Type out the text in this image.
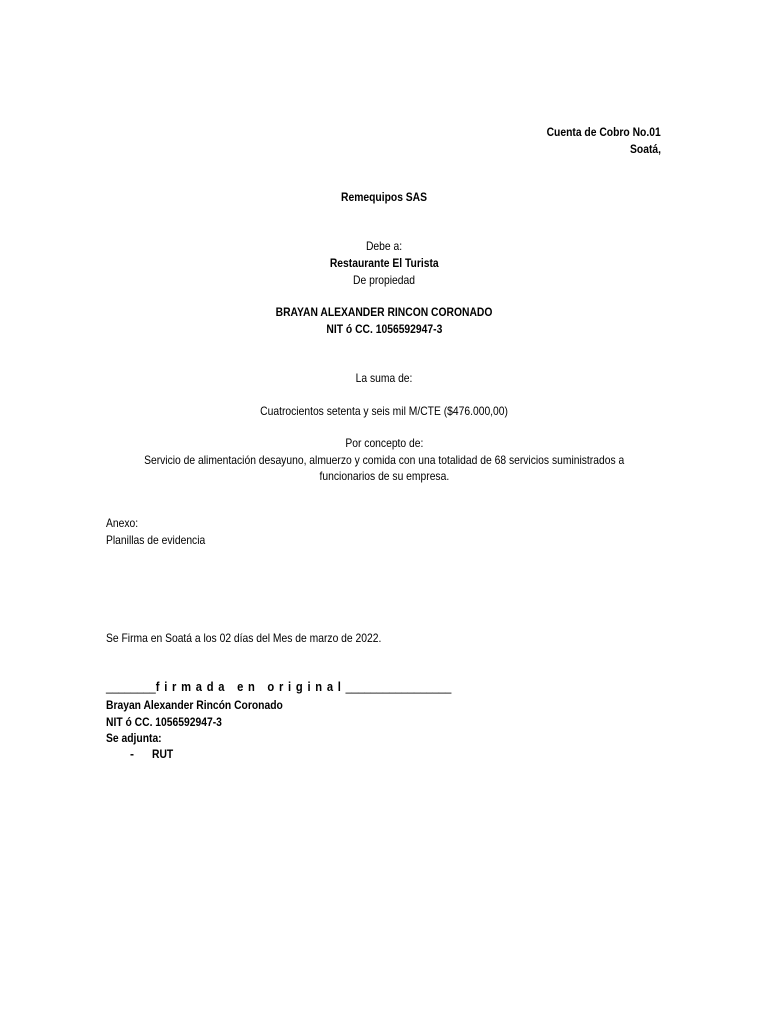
Cuenta de Cobro No.01
Soatá,
Remequipos SAS
Debe a:
Restaurante El Turista
De propiedad
BRAYAN ALEXANDER RINCON CORONADO
NIT ó CC. 1056592947-3
La suma de:
Cuatrocientos setenta y seis mil M/CTE ($476.000,00)
Por concepto de:
Servicio de alimentación desayuno, almuerzo y comida con una totalidad de 68 servicios suministrados a
funcionarios de su empresa.
Anexo:
Planillas de evidencia
Se Firma en Soatá a los 02 días del Mes de marzo de 2022.
________firmada en original_________________
Brayan Alexander Rincón Coronado
NIT ó CC. 1056592947-3
Se adjunta:
- RUT
